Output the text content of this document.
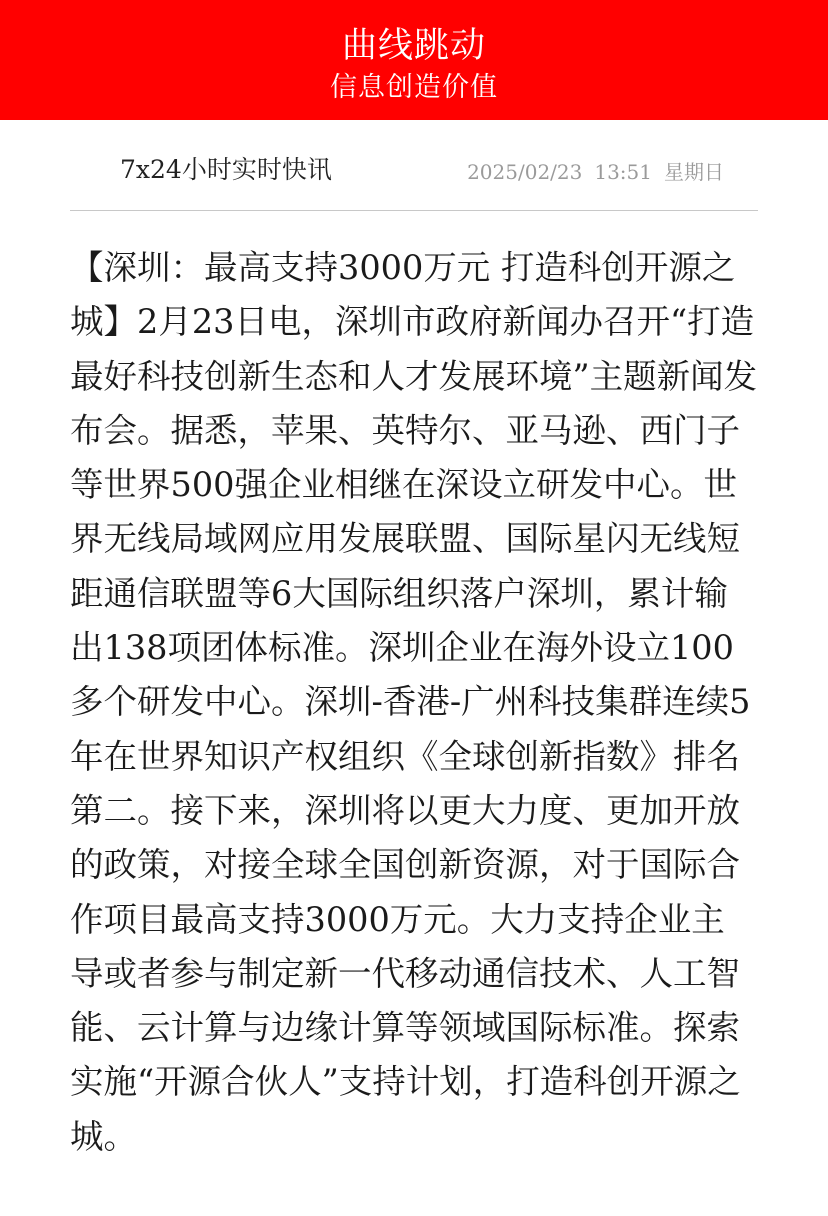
曲线跳动
信息创造价值
7x24小时实时快讯	2025/02/23 13:51 星期日
【深圳：最高支持3000万元 打造科创开源之城】2月23日电，深圳市政府新闻办召开“打造最好科技创新生态和人才发展环境”主题新闻发布会。据悉，苹果、英特尔、亚马逊、西门子等世界500强企业相继在深设立研发中心。世界无线局域网应用发展联盟、国际星闪无线短距通信联盟等6大国际组织落户深圳，累计输出138项团体标准。深圳企业在海外设立100多个研发中心。深圳-香港-广州科技集群连续5年在世界知识产权组织《全球创新指数》排名第二。接下来，深圳将以更大力度、更加开放的政策，对接全球全国创新资源，对于国际合作项目最高支持3000万元。大力支持企业主导或者参与制定新一代移动通信技术、人工智能、云计算与边缘计算等领域国际标准。探索实施“开源合伙人”支持计划，打造科创开源之城。
